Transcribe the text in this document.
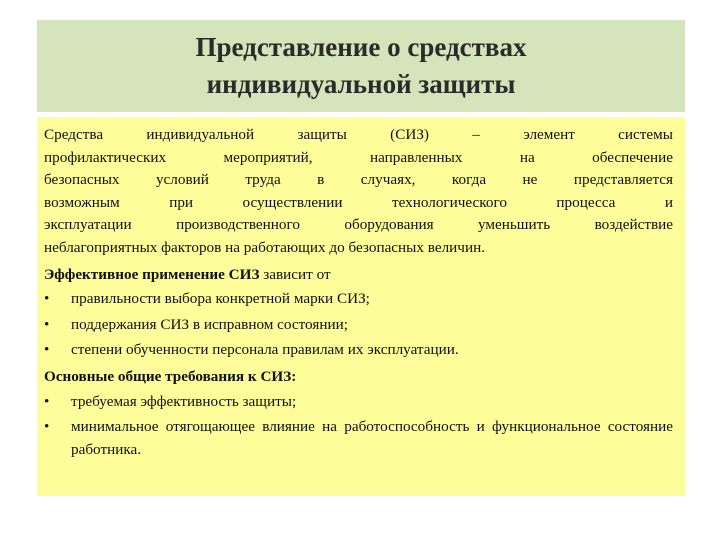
Представление о средствах
индивидуальной защиты
Средства индивидуальной защиты (СИЗ) – элемент системы
профилактических мероприятий, направленных на обеспечение
безопасных условий труда в случаях, когда не представляется
возможным при осуществлении технологического процесса и
эксплуатации производственного оборудования уменьшить воздействие
неблагоприятных факторов на работающих до безопасных величин.

Эффективное применение СИЗ зависит от

• правильности выбора конкретной марки СИЗ;
• поддержания СИЗ в исправном состоянии;
• степени обученности персонала правилам их эксплуатации.

Основные общие требования к СИЗ:

• требуемая эффективность защиты;
• минимальное отягощающее влияние на работоспособность и функциональное состояние работника.
